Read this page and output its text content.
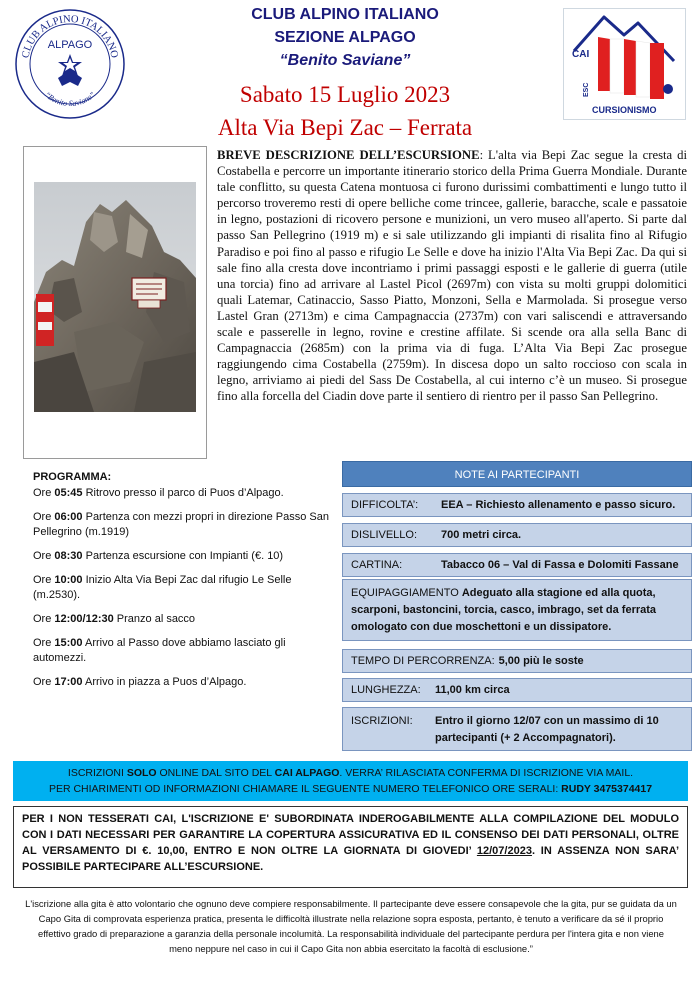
CLUB ALPINO ITALIANO
ALPAGO
“Benito Saviane”
CLUB ALPINO ITALIANO
SEZIONE ALPAGO
“Benito Saviane”
Sabato 15 Luglio 2023
Alta Via Bepi Zac – Ferrata
CAI
ESC
CURSIONISMO
BREVE DESCRIZIONE DELL’ESCURSIONE: L'alta via Bepi Zac segue la cresta di Costabella e percorre un importante itinerario storico della Prima Guerra Mondiale. Durante tale conflitto, su questa Catena montuosa ci furono durissimi combattimenti e lungo tutto il percorso troveremo resti di opere belliche come trincee, gallerie, baracche, scale e passatoie in legno, postazioni di ricovero persone e munizioni, un vero museo all'aperto. Si parte dal passo San Pellegrino (1919 m) e si sale utilizzando gli impianti di risalita fino al Rifugio Paradiso e poi fino al passo e rifugio Le Selle e dove ha inizio l'Alta Via Bepi Zac. Da qui si sale fino alla cresta dove incontriamo i primi passaggi esposti e le gallerie di guerra (utile una torcia) fino ad arrivare al Lastel Picol (2697m) con vista su molti gruppi dolomitici quali Latemar, Catinaccio, Sasso Piatto, Monzoni, Sella e Marmolada. Si prosegue verso Lastel Gran (2713m) e cima Campagnaccia (2737m) con vari saliscendi e attraversando scale e passerelle in legno, rovine e crestine affilate. Si scende ora alla sella Banc di Campagnaccia (2685m) con la prima via di fuga. L’Alta Via Bepi Zac prosegue raggiungendo cima Costabella (2759m). In discesa dopo un salto roccioso con scala in legno, arriviamo ai piedi del Sass De Costabella, al cui interno c’è un museo. Si prosegue fino alla forcella del Ciadin dove parte il sentiero di rientro per il passo San Pellegrino.
PROGRAMMA:
Ore 05:45 Ritrovo presso il parco di Puos d’Alpago.
Ore 06:00 Partenza con mezzi propri in direzione Passo San Pellegrino (m.1919)
Ore 08:30 Partenza escursione con Impianti (€. 10)
Ore 10:00 Inizio Alta Via Bepi Zac dal rifugio Le Selle (m.2530).
Ore 12:00/12:30 Pranzo al sacco
Ore 15:00 Arrivo al Passo dove abbiamo lasciato gli automezzi.
Ore 17:00 Arrivo in piazza a Puos d’Alpago.
NOTE AI PARTECIPANTI
DIFFICOLTA’:	EEA – Richiesto allenamento e passo sicuro.
DISLIVELLO:	700 metri circa.
CARTINA:	Tabacco 06 – Val di Fassa e Dolomiti Fassane
EQUIPAGGIAMENTO Adeguato alla stagione ed alla quota, scarponi, bastoncini, torcia, casco, imbrago, set da ferrata omologato con due moschettoni e un dissipatore.
TEMPO DI PERCORRENZA: 5,00 più le soste
LUNGHEZZA:	11,00 km circa
ISCRIZIONI:	Entro il giorno 12/07 con un massimo di 10 partecipanti (+ 2 Accompagnatori).
ISCRIZIONI SOLO ONLINE DAL SITO DEL CAI ALPAGO. VERRA’ RILASCIATA CONFERMA DI ISCRIZIONE VIA MAIL.
PER CHIARIMENTI OD INFORMAZIONI CHIAMARE IL SEGUENTE NUMERO TELEFONICO ORE SERALI: RUDY 3475374417
PER I NON TESSERATI CAI, L'ISCRIZIONE E' SUBORDINATA INDEROGABILMENTE ALLA COMPILAZIONE DEL MODULO CON I DATI NECESSARI PER GARANTIRE LA COPERTURA ASSICURATIVA ED IL CONSENSO DEI DATI PERSONALI, OLTRE AL VERSAMENTO DI €. 10,00, ENTRO E NON OLTRE LA GIORNATA DI GIOVEDI’ 12/07/2023. IN ASSENZA NON SARA’ POSSIBILE PARTECIPARE ALL’ESCURSIONE.
L'iscrizione alla gita è atto volontario che ognuno deve compiere responsabilmente. Il partecipante deve essere consapevole che la gita, pur se guidata da un Capo Gita di comprovata esperienza pratica, presenta le difficoltà illustrate nella relazione sopra esposta, pertanto, è tenuto a verificare da sé il proprio effettivo grado di preparazione a garanzia della personale incolumità. La responsabilità individuale del partecipante perdura per l'intera gita e non viene meno neppure nel caso in cui il Capo Gita non abbia esercitato la facoltà di esclusione.”
